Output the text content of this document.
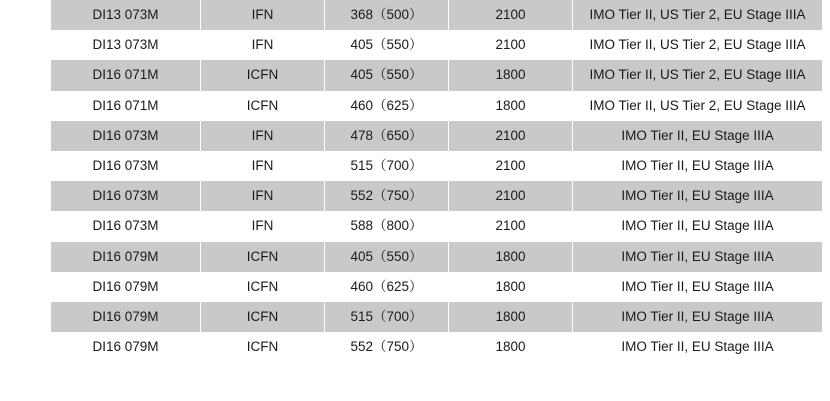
DI13 073M	IFN	368（500）	2100	IMO Tier II, US Tier 2, EU Stage IIIA
DI13 073M	IFN	405（550）	2100	IMO Tier II, US Tier 2, EU Stage IIIA
DI16 071M	ICFN	405（550）	1800	IMO Tier II, US Tier 2, EU Stage IIIA
DI16 071M	ICFN	460（625）	1800	IMO Tier II, US Tier 2, EU Stage IIIA
DI16 073M	IFN	478（650）	2100	IMO Tier II, EU Stage IIIA
DI16 073M	IFN	515（700）	2100	IMO Tier II, EU Stage IIIA
DI16 073M	IFN	552（750）	2100	IMO Tier II, EU Stage IIIA
DI16 073M	IFN	588（800）	2100	IMO Tier II, EU Stage IIIA
DI16 079M	ICFN	405（550）	1800	IMO Tier II, EU Stage IIIA
DI16 079M	ICFN	460（625）	1800	IMO Tier II, EU Stage IIIA
DI16 079M	ICFN	515（700）	1800	IMO Tier II, EU Stage IIIA
DI16 079M	ICFN	552（750）	1800	IMO Tier II, EU Stage IIIA
